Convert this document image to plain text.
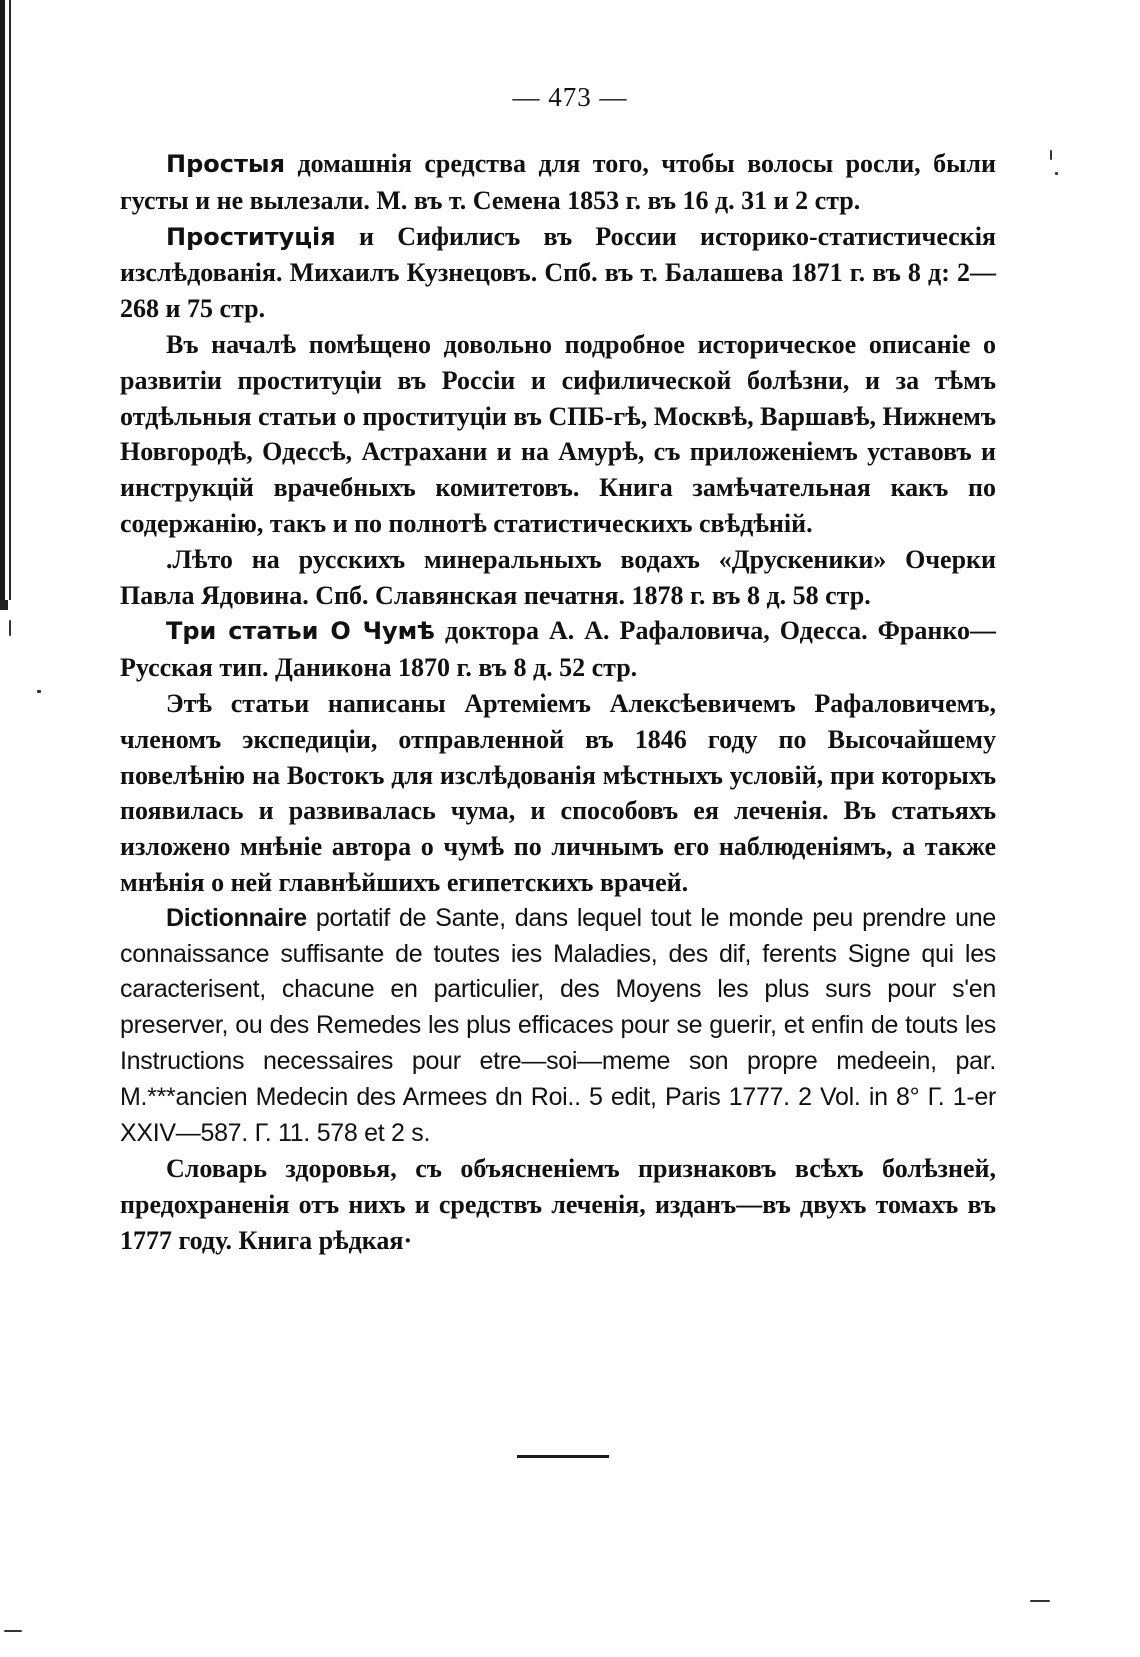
— 473 —

Простыя домашнія средства для того, чтобы волосы росли, были густы и не вылезали. М. въ т. Семена 1853 г. въ 16 д. 31 и 2 стр.

Проституція и Сифилисъ въ России историко-статистическія изслѣдованія. Михаилъ Кузнецовъ. Спб. въ т. Балашева 1871 г. въ 8 д: 2—268 и 75 стр.

Въ началѣ помѣщено довольно подробное историческое описаніе о развитіи проституціи въ Россіи и сифилической болѣзни, и за тѣмъ отдѣльныя статьи о проституціи въ СПБ-гѣ, Москвѣ, Варшавѣ, Нижнемъ Новгородѣ, Одессѣ, Астрахани и на Амурѣ, съ приложеніемъ уставовъ и инструкцій врачебныхъ комитетовъ. Книга замѣчательная какъ по содержанію, такъ и по полнотѣ статистическихъ свѣдѣній.

.Лѣто на русскихъ минеральныхъ водахъ «Друскеники» Очерки Павла Ядовина. Спб. Славянская печатня. 1878 г. въ 8 д. 58 стр.

Три статьи О Чумѣ доктора А. А. Рафаловича, Одесса. Франко—Русская тип. Даникона 1870 г. въ 8 д. 52 стр.

Этѣ статьи написаны Артеміемъ Алексѣевичемъ Рафаловичемъ, членомъ экспедиціи, отправленной въ 1846 году по Высочайшему повелѣнію на Востокъ для изслѣдованія мѣстныхъ условій, при которыхъ появилась и развивалась чума, и способовъ ея леченія. Въ статьяхъ изложено мнѣніе автора о чумѣ по личнымъ его наблюденіямъ, а также мнѣнія о ней главнѣйшихъ египетскихъ врачей.

Dictionnaire portatif de Sante, dans lequel tout le monde peu prendre une connaissance suffisante de toutes ies Maladies, des dif, ferents Signe qui les caracterisent, chacune en particulier, des Moyens les plus surs pour s'en preserver, ou des Remedes les plus efficaces pour se guerir, et enfin de touts les Instructions necessaires pour etre—soi—meme son propre medeein, par. M.***ancien Medecin des Armees dn Roi.. 5 edit, Paris 1777. 2 Vol. in 8° Г. 1-er XXIV—587. Г. 11. 578 et 2 s.

Словарь здоровья, съ объясненіемъ признаковъ всѣхъ болѣзней, предохраненія отъ нихъ и средствъ леченія, изданъ—въ двухъ томахъ въ 1777 году. Книга рѣдкая·
